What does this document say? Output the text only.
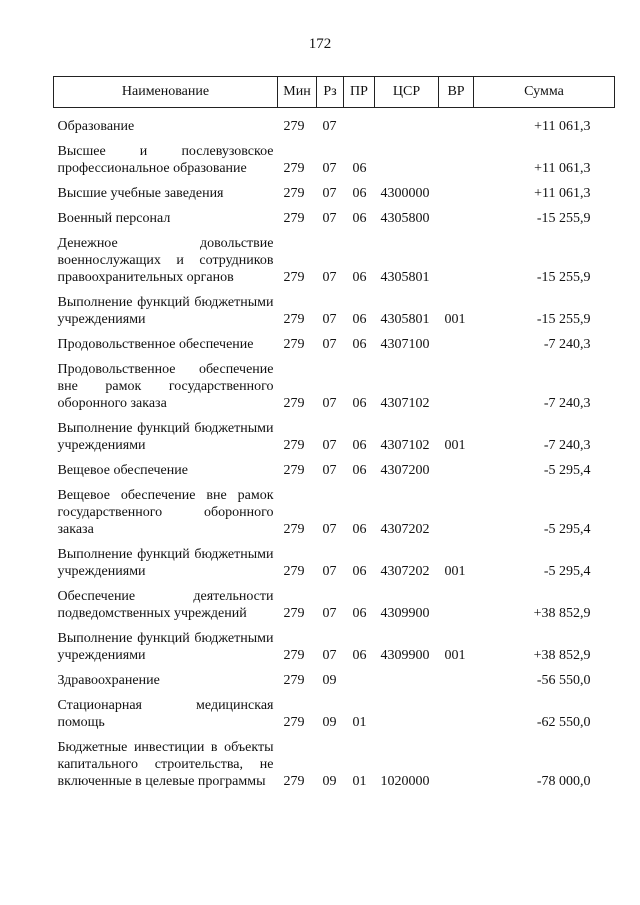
172
Наименование	Мин	Рз	ПР	ЦСР	ВР	Сумма
Образование	279	07				+11 061,3
Высшее и послевузовское профессиональное образование	279	07	06			+11 061,3
Высшие учебные заведения	279	07	06	4300000		+11 061,3
Военный персонал	279	07	06	4305800		-15 255,9
Денежное довольствие военнослужащих и сотрудников правоохранительных органов	279	07	06	4305801		-15 255,9
Выполнение функций бюджетными учреждениями	279	07	06	4305801	001	-15 255,9
Продовольственное обеспечение	279	07	06	4307100		-7 240,3
Продовольственное обеспечение вне рамок государственного оборонного заказа	279	07	06	4307102		-7 240,3
Выполнение функций бюджетными учреждениями	279	07	06	4307102	001	-7 240,3
Вещевое обеспечение	279	07	06	4307200		-5 295,4
Вещевое обеспечение вне рамок государственного оборонного заказа	279	07	06	4307202		-5 295,4
Выполнение функций бюджетными учреждениями	279	07	06	4307202	001	-5 295,4
Обеспечение деятельности подведомственных учреждений	279	07	06	4309900		+38 852,9
Выполнение функций бюджетными учреждениями	279	07	06	4309900	001	+38 852,9
Здравоохранение	279	09				-56 550,0
Стационарная медицинская помощь	279	09	01			-62 550,0
Бюджетные инвестиции в объекты капитального строительства, не включенные в целевые программы	279	09	01	1020000		-78 000,0
